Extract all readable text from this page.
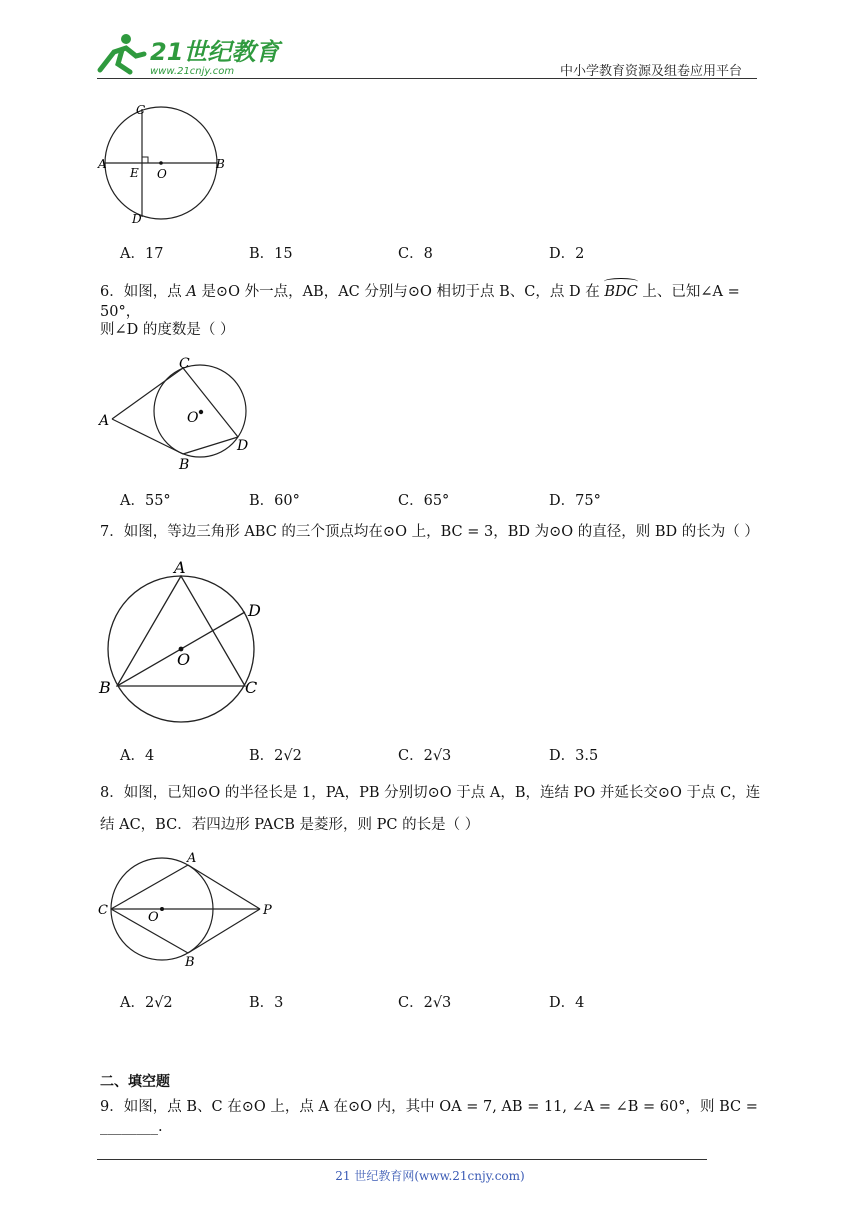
21世纪教育
www.21cnjy.com	中小学教育资源及组卷应用平台
C
A	B
E O
D
A．17	B．15	C．8	D．2
6．如图，点 A 是⊙O 外一点，AB，AC 分别与⊙O 相切于点 B、C，点 D 在 BDC 上、已知∠A = 50°，
则∠D 的度数是（ ）
C
A	O
D
B
A．55°	B．60°	C．65°	D．75°
7．如图，等边三角形 ABC 的三个顶点均在⊙O 上，BC = 3，BD 为⊙O 的直径，则 BD 的长为（ ）
A
D
O
B	C
A．4	B．2√2	C．2√3	D．3.5
8．如图，已知⊙O 的半径长是 1，PA，PB 分别切⊙O 于点 A，B，连结 PO 并延长交⊙O 于点 C，连
结 AC，BC．若四边形 PACB 是菱形，则 PC 的长是（ ）
A
C	O	P
B
A．2√2	B．3	C．2√3	D．4
二、填空题
9．如图，点 B、C 在⊙O 上，点 A 在⊙O 内，其中 OA = 7, AB = 11, ∠A = ∠B = 60°，则 BC = ________.
21 世纪教育网(www.21cnjy.com)
